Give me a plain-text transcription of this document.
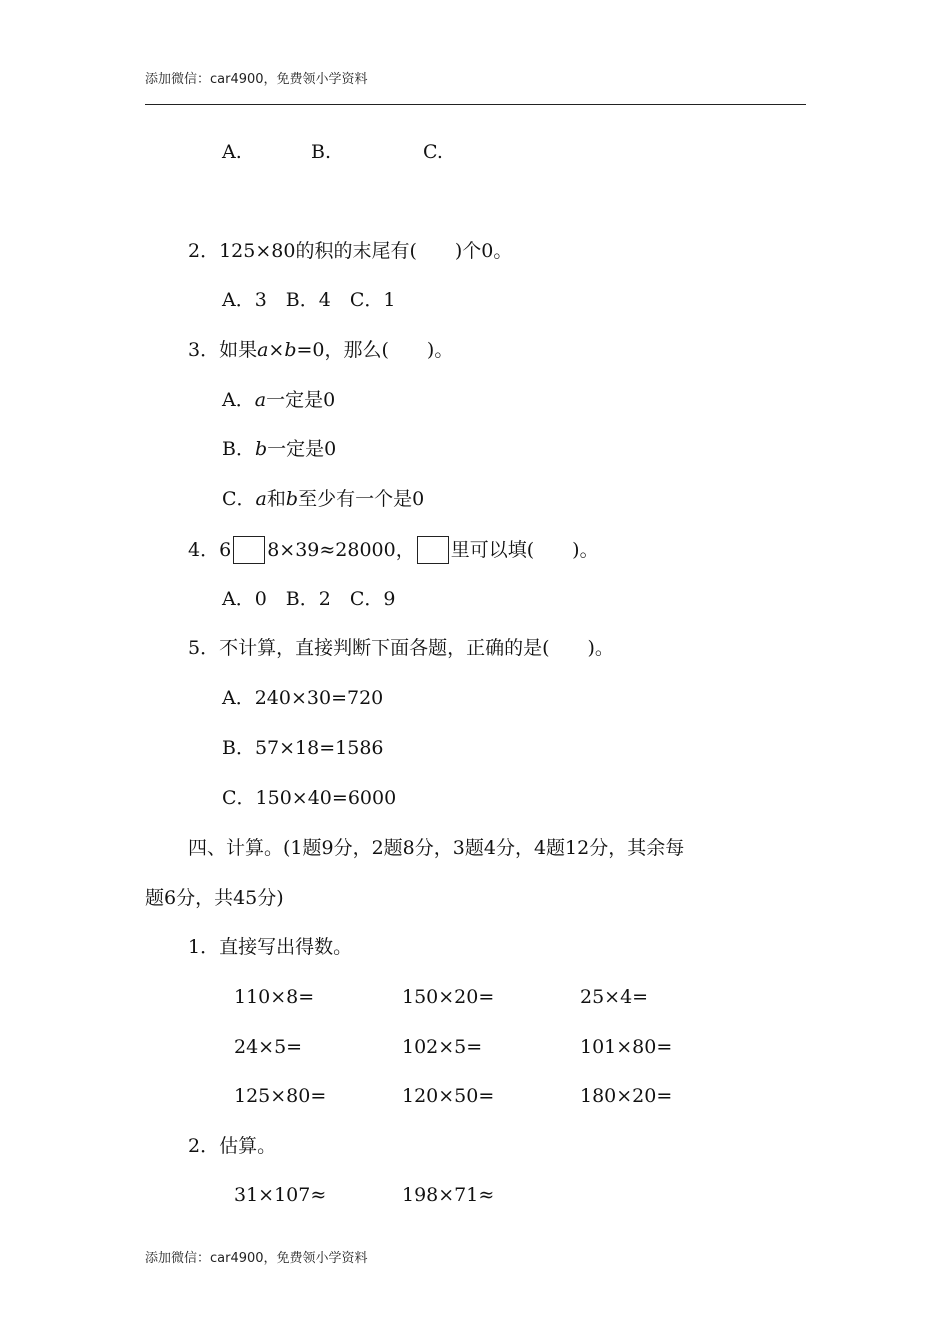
添加微信：car4900，免费领小学资料
A.	B.	C.
2．125×80的积的末尾有(　　)个0。
A．3　B．4　C．1
3．如果a×b=0，那么(　　)。
A．a一定是0
B．b一定是0
C．a和b至少有一个是0
4．6 8×39≈28000， 里可以填(　　)。
A．0　B．2　C．9
5．不计算，直接判断下面各题，正确的是(　　)。
A．240×30=720
B．57×18=1586
C．150×40=6000
四、计算。(1题9分，2题8分，3题4分，4题12分，其余每
题6分，共45分)
1．直接写出得数。
110×8=	150×20=	25×4=
24×5=	102×5=	101×80=
125×80=	120×50=	180×20=
2．估算。
31×107≈	198×71≈
添加微信：car4900，免费领小学资料
